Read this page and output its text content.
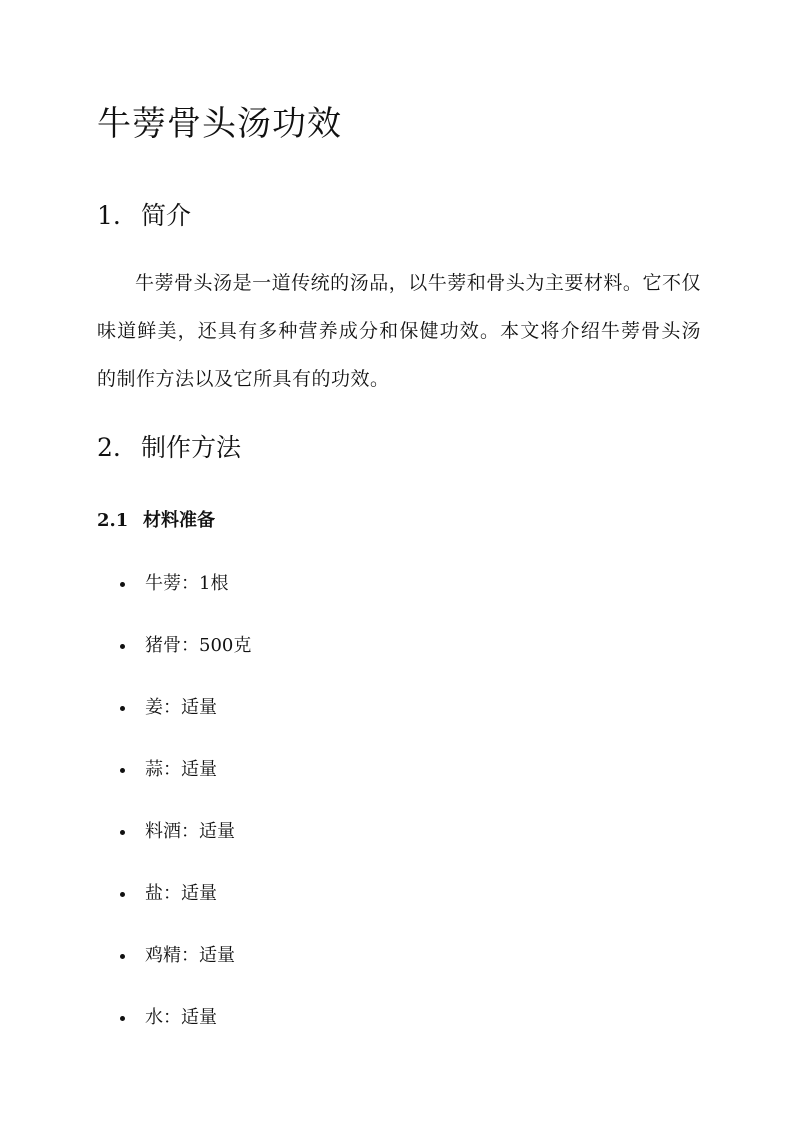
牛蒡骨头汤功效
1. 简介

牛蒡骨头汤是一道传统的汤品，以牛蒡和骨头为主要材料。它不仅味道鲜美，还具有多种营养成分和保健功效。本文将介绍牛蒡骨头汤的制作方法以及它所具有的功效。

2. 制作方法
2.1 材料准备
牛蒡：1根
猪骨：500克
姜：适量
蒜：适量
料酒：适量
盐：适量
鸡精：适量
水：适量
